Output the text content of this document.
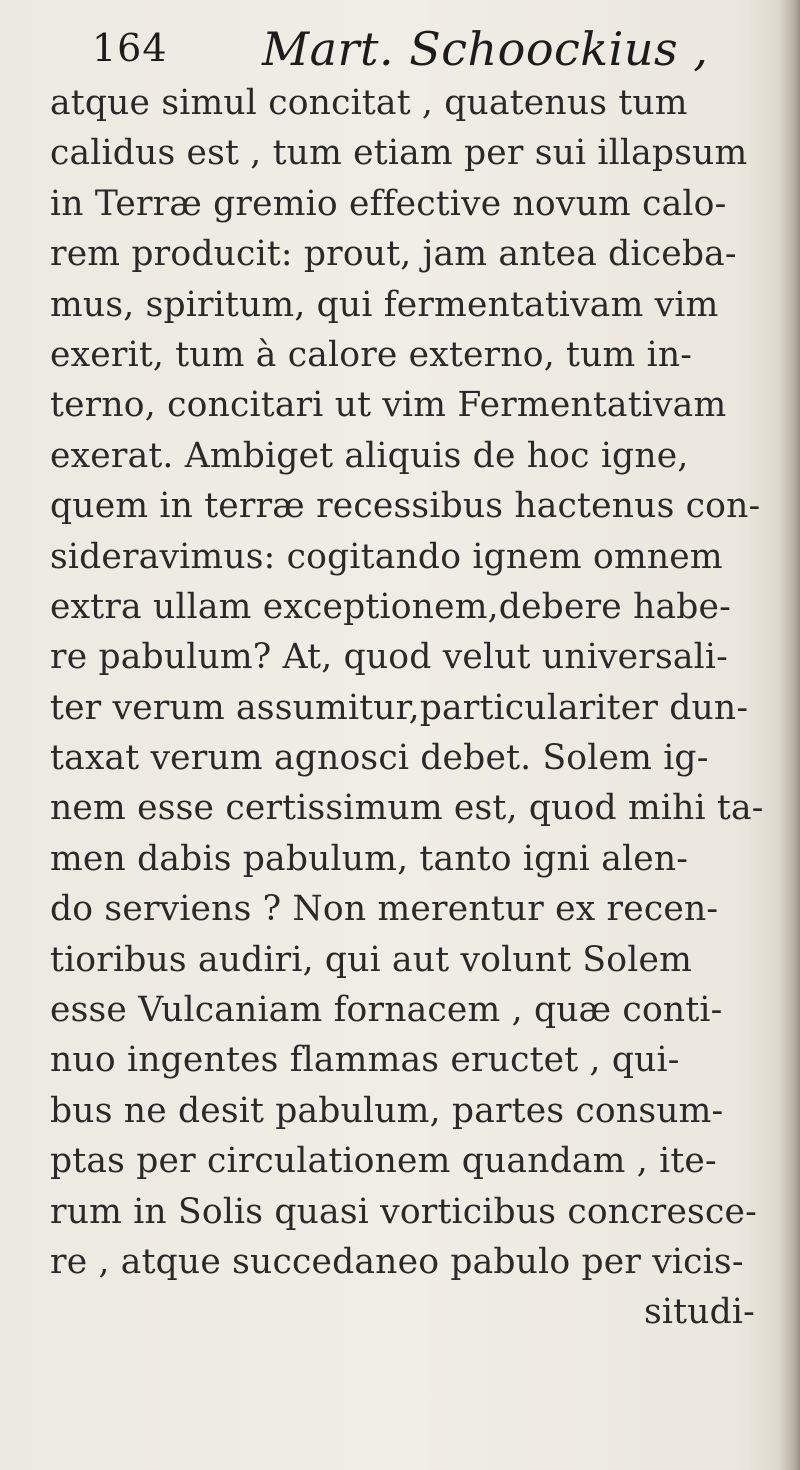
164 Mart. Schoockius ,
atque simul concitat , quatenus tum
calidus est , tum etiam per sui illapsum
in Terræ gremio effective novum calo-
rem producit: prout, jam antea diceba-
mus, spiritum, qui fermentativam vim
exerit, tum à calore externo, tum in-
terno, concitari ut vim Fermentativam
exerat. Ambiget aliquis de hoc igne,
quem in terræ recessibus hactenus con-
sideravimus: cogitando ignem omnem
extra ullam exceptionem,debere habe-
re pabulum? At, quod velut universali-
ter verum assumitur,particulariter dun-
taxat verum agnosci debet. Solem ig-
nem esse certissimum est, quod mihi ta-
men dabis pabulum, tanto igni alen-
do serviens ? Non merentur ex recen-
tioribus audiri, qui aut volunt Solem
esse Vulcaniam fornacem , quæ conti-
nuo ingentes flammas eructet , qui-
bus ne desit pabulum, partes consum-
ptas per circulationem quandam , ite-
rum in Solis quasi vorticibus concresce-
re , atque succedaneo pabulo per vicis-
situdi-
